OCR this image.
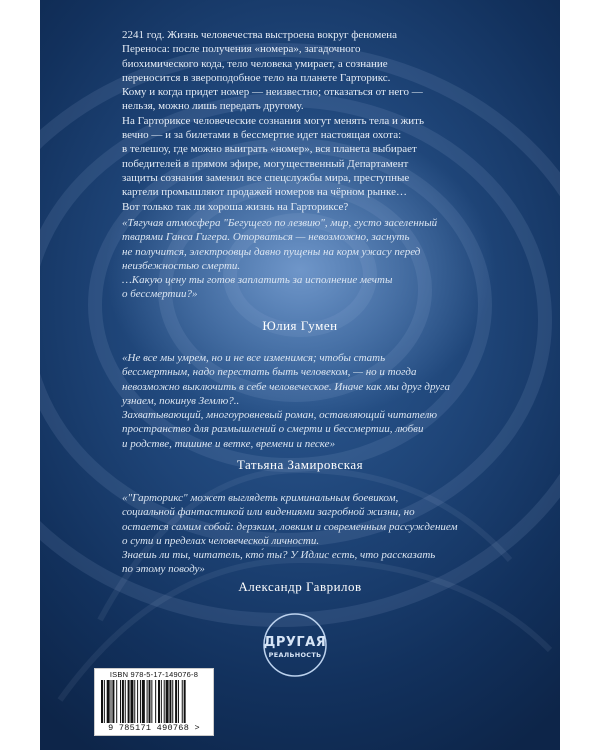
2241 год. Жизнь человечества выстроена вокруг феномена
Переноса: после получения «номера», загадочного
биохимического кода, тело человека умирает, а сознание
переносится в звероподобное тело на планете Гарторикс.
Кому и когда придет номер — неизвестно; отказаться от него —
нельзя, можно лишь передать другому.
На Гарториксе человеческие сознания могут менять тела и жить
вечно — и за билетами в бессмертие идет настоящая охота:
в телешоу, где можно выиграть «номер», вся планета выбирает
победителей в прямом эфире, могущественный Департамент
защиты сознания заменил все спецслужбы мира, преступные
картели промышляют продажей номеров на чёрном рынке…
Вот только так ли хороша жизнь на Гарториксе?
«Тягучая атмосфера "Бегущего по лезвию", мир, густо заселенный
тварями Ганса Гигера. Оторваться — невозможно, заснуть
не получится, электроовцы давно пущены на корм ужасу перед
неизбежностью смерти.
…Какую цену ты готов заплатить за исполнение мечты
о бессмертии?»
Юлия Гумен
«Не все мы умрем, но и не все изменимся; чтобы стать
бессмертным, надо перестать быть человеком, — но и тогда
невозможно выключить в себе человеческое. Иначе как мы друг друга
узнаем, покинув Землю?..
Захватывающий, многоуровневый роман, оставляющий читателю
пространство для размышлений о смерти и бессмертии, любви
и родстве, тишине и ветке, времени и песке»
Татьяна Замировская
«"Гарторикс" может выглядеть криминальным боевиком,
социальной фантастикой или видениями загробной жизни, но
остается самим собой: дерзким, ловким и современным рассуждением
о сути и пределах человеческой личности.
Знаешь ли ты, читатель, кто́ ты? У Идлис есть, что рассказать
по этому поводу»
Александр Гаврилов
ДРУГАЯ
РЕАЛЬНОСТЬ
ISBN 978-5-17-149076-8
9 785171 490768 >
